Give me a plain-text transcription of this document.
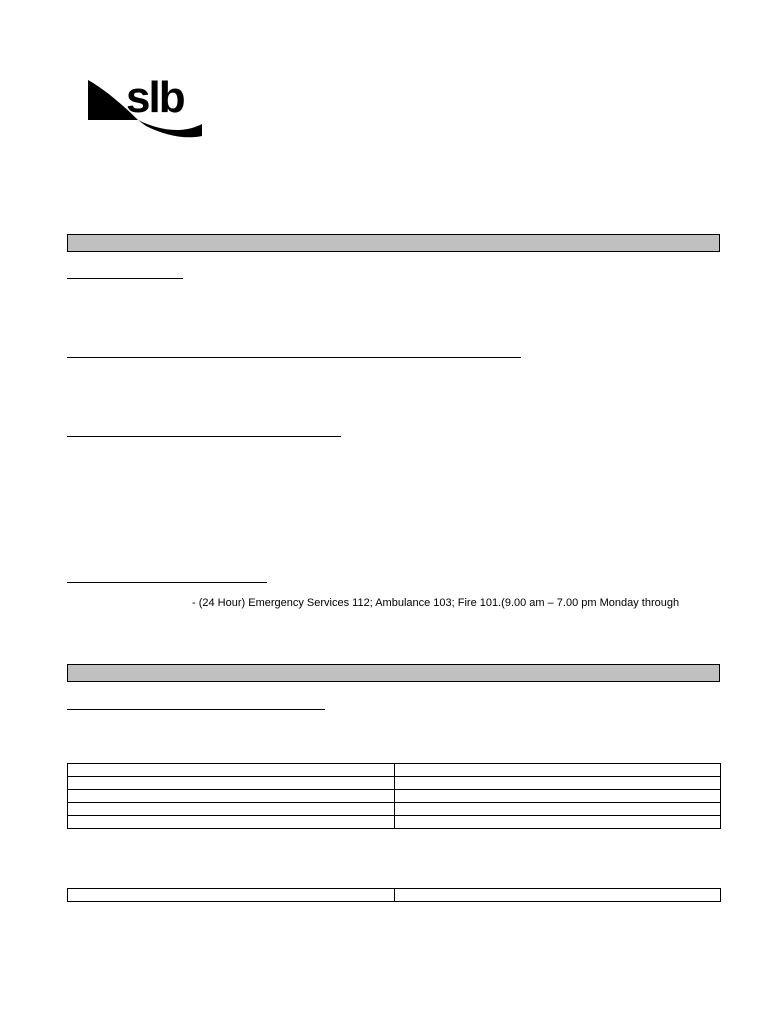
slb
- (24 Hour) Emergency Services 112; Ambulance 103; Fire 101.(9.00 am – 7.00 pm Monday through
